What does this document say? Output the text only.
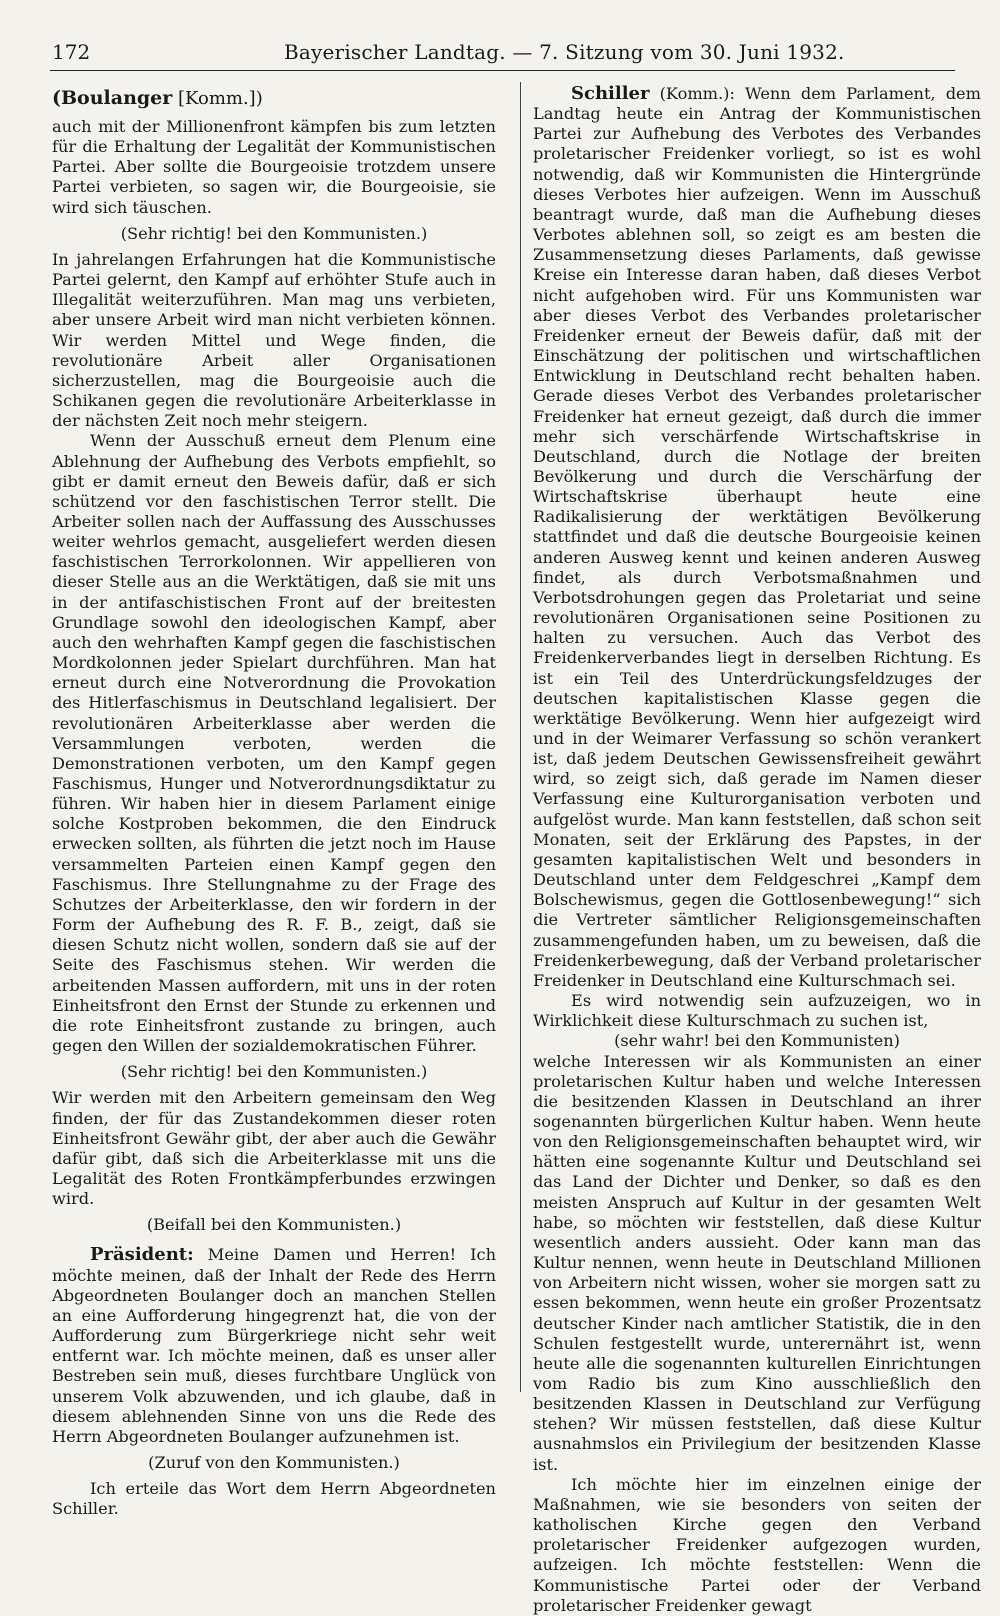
172	Bayerischer Landtag. — 7. Sitzung vom 30. Juni 1932.

(Boulanger [Komm.])

auch mit der Millionenfront kämpfen bis zum letzten für die Erhaltung der Legalität der Kommunistischen Partei. Aber sollte die Bourgeoisie trotzdem unsere Partei verbieten, so sagen wir, die Bourgeoisie, sie wird sich täuschen.

(Sehr richtig! bei den Kommunisten.)

In jahrelangen Erfahrungen hat die Kommunistische Partei gelernt, den Kampf auf erhöhter Stufe auch in Illegalität weiterzuführen. Man mag uns verbieten, aber unsere Arbeit wird man nicht verbieten können. Wir werden Mittel und Wege finden, die revolutionäre Arbeit aller Organisationen sicherzustellen, mag die Bourgeoisie auch die Schikanen gegen die revolutionäre Arbeiterklasse in der nächsten Zeit noch mehr steigern.

Wenn der Ausschuß erneut dem Plenum eine Ablehnung der Aufhebung des Verbots empfiehlt, so gibt er damit erneut den Beweis dafür, daß er sich schützend vor den faschistischen Terror stellt. Die Arbeiter sollen nach der Auffassung des Ausschusses weiter wehrlos gemacht, ausgeliefert werden diesen faschistischen Terrorkolonnen. Wir appellieren von dieser Stelle aus an die Werktätigen, daß sie mit uns in der antifaschistischen Front auf der breitesten Grundlage sowohl den ideologischen Kampf, aber auch den wehrhaften Kampf gegen die faschistischen Mordkolonnen jeder Spielart durchführen. Man hat erneut durch eine Notverordnung die Provokation des Hitlerfaschismus in Deutschland legalisiert. Der revolutionären Arbeiterklasse aber werden die Versammlungen verboten, werden die Demonstrationen verboten, um den Kampf gegen Faschismus, Hunger und Notverordnungsdiktatur zu führen. Wir haben hier in diesem Parlament einige solche Kostproben bekommen, die den Eindruck erwecken sollten, als führten die jetzt noch im Hause versammelten Parteien einen Kampf gegen den Faschismus. Ihre Stellungnahme zu der Frage des Schutzes der Arbeiterklasse, den wir fordern in der Form der Aufhebung des R. F. B., zeigt, daß sie diesen Schutz nicht wollen, sondern daß sie auf der Seite des Faschismus stehen. Wir werden die arbeitenden Massen auffordern, mit uns in der roten Einheitsfront den Ernst der Stunde zu erkennen und die rote Einheitsfront zustande zu bringen, auch gegen den Willen der sozialdemokratischen Führer.

(Sehr richtig! bei den Kommunisten.)

Wir werden mit den Arbeitern gemeinsam den Weg finden, der für das Zustandekommen dieser roten Einheitsfront Gewähr gibt, der aber auch die Gewähr dafür gibt, daß sich die Arbeiterklasse mit uns die Legalität des Roten Frontkämpferbundes erzwingen wird.

(Beifall bei den Kommunisten.)

Präsident: Meine Damen und Herren! Ich möchte meinen, daß der Inhalt der Rede des Herrn Abgeordneten Boulanger doch an manchen Stellen an eine Aufforderung hingegrenzt hat, die von der Aufforderung zum Bürgerkriege nicht sehr weit entfernt war. Ich möchte meinen, daß es unser aller Bestreben sein muß, dieses furchtbare Unglück von unserem Volk abzuwenden, und ich glaube, daß in diesem ablehnenden Sinne von uns die Rede des Herrn Abgeordneten Boulanger aufzunehmen ist.

(Zuruf von den Kommunisten.)

Ich erteile das Wort dem Herrn Abgeordneten Schiller.

Schiller (Komm.): Wenn dem Parlament, dem Landtag heute ein Antrag der Kommunistischen Partei zur Aufhebung des Verbotes des Verbandes proletarischer Freidenker vorliegt, so ist es wohl notwendig, daß wir Kommunisten die Hintergründe dieses Verbotes hier aufzeigen. Wenn im Ausschuß beantragt wurde, daß man die Aufhebung dieses Verbotes ablehnen soll, so zeigt es am besten die Zusammensetzung dieses Parlaments, daß gewisse Kreise ein Interesse daran haben, daß dieses Verbot nicht aufgehoben wird. Für uns Kommunisten war aber dieses Verbot des Verbandes proletarischer Freidenker erneut der Beweis dafür, daß mit der Einschätzung der politischen und wirtschaftlichen Entwicklung in Deutschland recht behalten haben. Gerade dieses Verbot des Verbandes proletarischer Freidenker hat erneut gezeigt, daß durch die immer mehr sich verschärfende Wirtschaftskrise in Deutschland, durch die Notlage der breiten Bevölkerung und durch die Verschärfung der Wirtschaftskrise überhaupt heute eine Radikalisierung der werktätigen Bevölkerung stattfindet und daß die deutsche Bourgeoisie keinen anderen Ausweg kennt und keinen anderen Ausweg findet, als durch Verbotsmaßnahmen und Verbotsdrohungen gegen das Proletariat und seine revolutionären Organisationen seine Positionen zu halten zu versuchen. Auch das Verbot des Freidenkerverbandes liegt in derselben Richtung. Es ist ein Teil des Unterdrückungsfeldzuges der deutschen kapitalistischen Klasse gegen die werktätige Bevölkerung. Wenn hier aufgezeigt wird und in der Weimarer Verfassung so schön verankert ist, daß jedem Deutschen Gewissensfreiheit gewährt wird, so zeigt sich, daß gerade im Namen dieser Verfassung eine Kulturorganisation verboten und aufgelöst wurde. Man kann feststellen, daß schon seit Monaten, seit der Erklärung des Papstes, in der gesamten kapitalistischen Welt und besonders in Deutschland unter dem Feldgeschrei „Kampf dem Bolschewismus, gegen die Gottlosenbewegung!“ sich die Vertreter sämtlicher Religionsgemeinschaften zusammengefunden haben, um zu beweisen, daß die Freidenkerbewegung, daß der Verband proletarischer Freidenker in Deutschland eine Kulturschmach sei.

Es wird notwendig sein aufzuzeigen, wo in Wirklichkeit diese Kulturschmach zu suchen ist,

(sehr wahr! bei den Kommunisten)

welche Interessen wir als Kommunisten an einer proletarischen Kultur haben und welche Interessen die besitzenden Klassen in Deutschland an ihrer sogenannten bürgerlichen Kultur haben. Wenn heute von den Religionsgemeinschaften behauptet wird, wir hätten eine sogenannte Kultur und Deutschland sei das Land der Dichter und Denker, so daß es den meisten Anspruch auf Kultur in der gesamten Welt habe, so möchten wir feststellen, daß diese Kultur wesentlich anders aussieht. Oder kann man das Kultur nennen, wenn heute in Deutschland Millionen von Arbeitern nicht wissen, woher sie morgen satt zu essen bekommen, wenn heute ein großer Prozentsatz deutscher Kinder nach amtlicher Statistik, die in den Schulen festgestellt wurde, unterernährt ist, wenn heute alle die sogenannten kulturellen Einrichtungen vom Radio bis zum Kino ausschließlich den besitzenden Klassen in Deutschland zur Verfügung stehen? Wir müssen feststellen, daß diese Kultur ausnahmslos ein Privilegium der besitzenden Klasse ist.

Ich möchte hier im einzelnen einige der Maßnahmen, wie sie besonders von seiten der katholischen Kirche gegen den Verband proletarischer Freidenker aufgezogen wurden, aufzeigen. Ich möchte feststellen: Wenn die Kommunistische Partei oder der Verband proletarischer Freidenker gewagt
